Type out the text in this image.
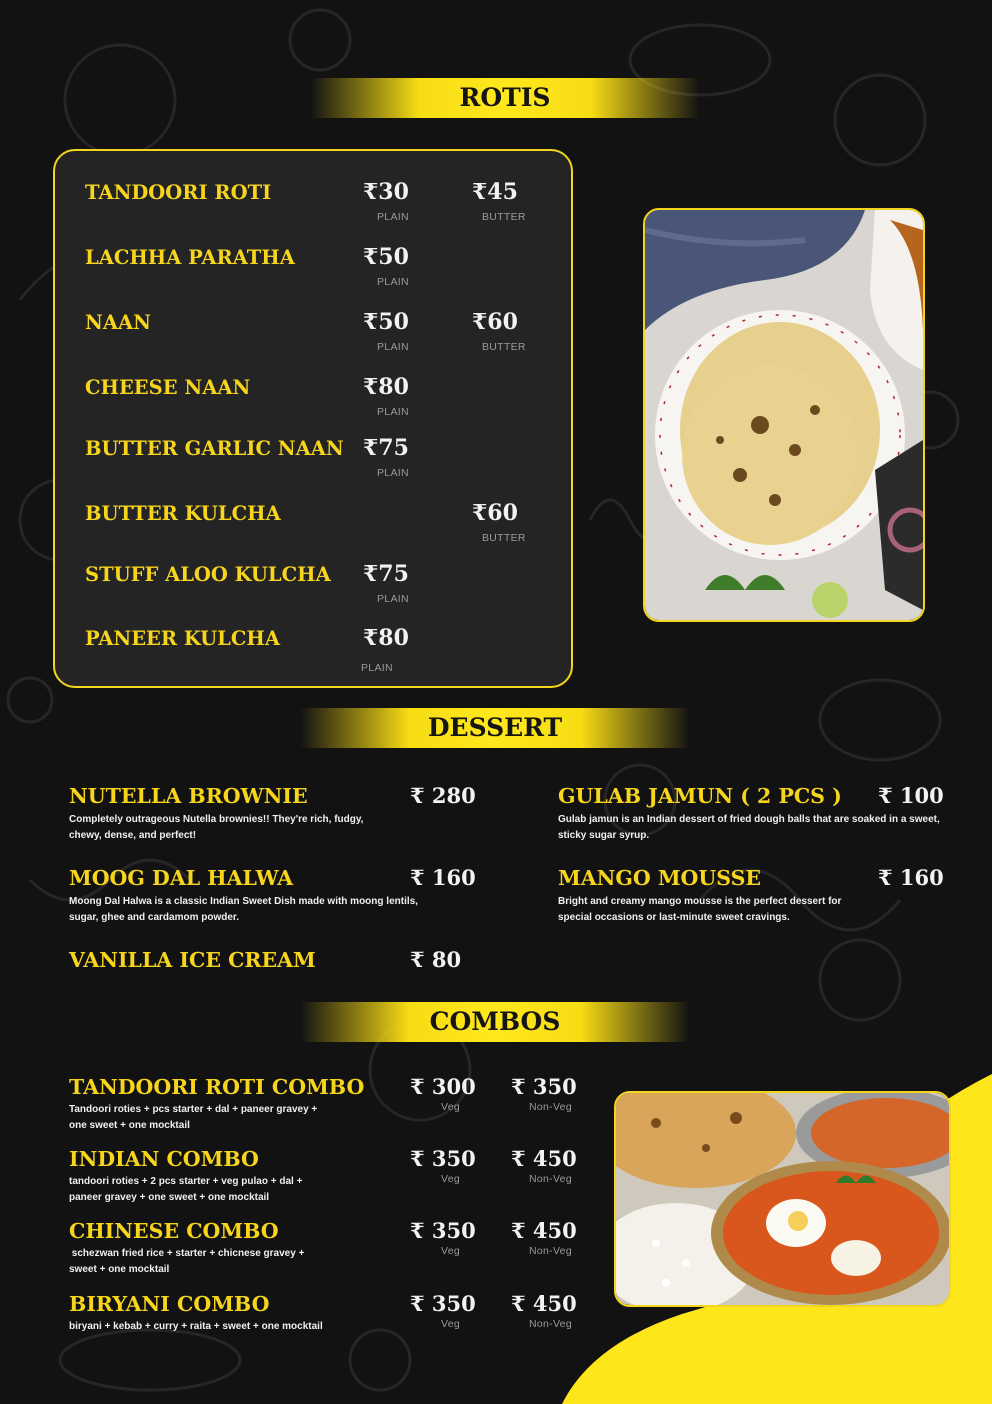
ROTIS
TANDOORI ROTI	₹30
PLAIN
₹45
BUTTER
LACHHA PARATHA	₹50
PLAIN
NAAN	₹50
PLAIN
₹60
BUTTER
CHEESE NAAN	₹80
PLAIN
BUTTER GARLIC NAAN ₹75
PLAIN
BUTTER KULCHA	₹60
BUTTER
STUFF ALOO KULCHA ₹75
PLAIN
PANEER KULCHA	₹80
PLAIN
DESSERT
NUTELLA BROWNIE	₹ 280
Completely outrageous Nutella brownies!! They're rich, fudgy,
chewy, dense, and perfect!
GULAB JAMUN ( 2 PCS ) ₹ 100
Gulab jamun is an Indian dessert of fried dough balls that are soaked in a sweet,
sticky sugar syrup.
MOOG DAL HALWA	₹ 160
Moong Dal Halwa is a classic Indian Sweet Dish made with moong lentils,
sugar, ghee and cardamom powder.
MANGO MOUSSE	₹ 160
Bright and creamy mango mousse is the perfect dessert for
special occasions or last-minute sweet cravings.
VANILLA ICE CREAM	₹ 80
COMBOS
TANDOORI ROTI COMBO ₹ 300
Veg
₹ 350
Non-Veg
Tandoori roties + pcs starter + dal + paneer gravey +
one sweet + one mocktail
INDIAN COMBO	₹ 350
Veg
₹ 450
Non-Veg
tandoori roties + 2 pcs starter + veg pulao + dal +
paneer gravey + one sweet + one mocktail
CHINESE COMBO	₹ 350
Veg
₹ 450
Non-Veg
schezwan fried rice + starter + chicnese gravey +
sweet + one mocktail
BIRYANI COMBO	₹ 350
Veg
₹ 450
Non-Veg
biryani + kebab + curry + raita + sweet + one mocktail
